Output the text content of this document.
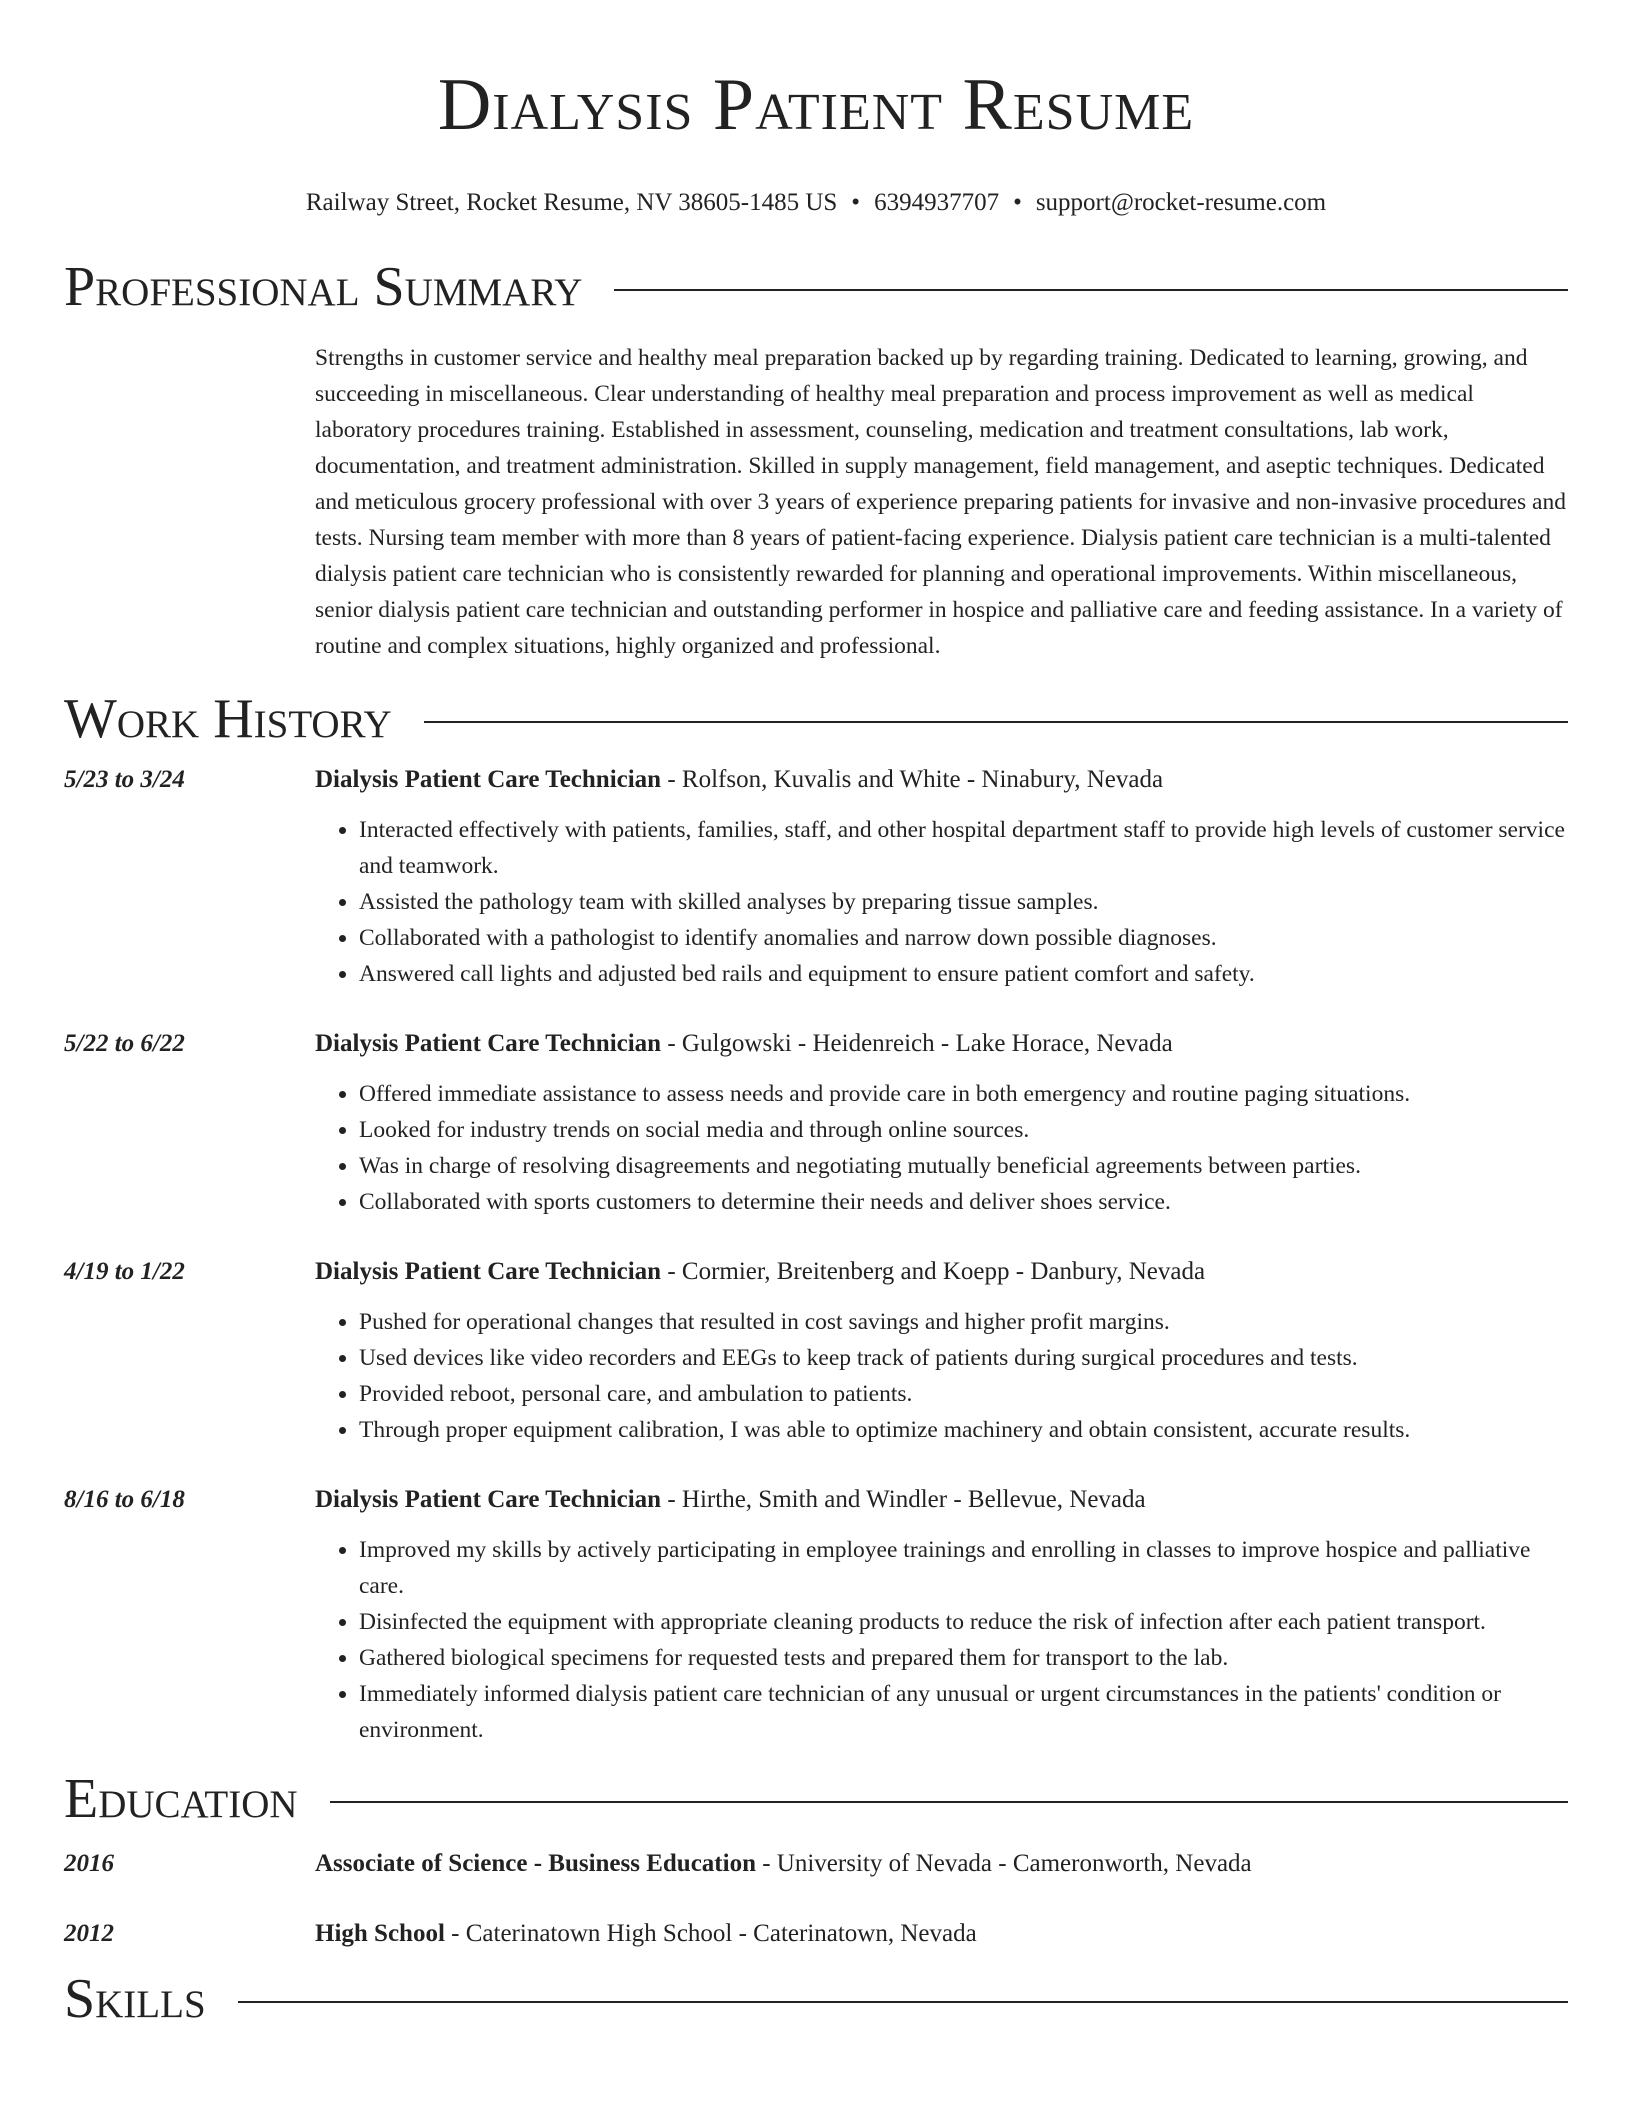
Dialysis Patient Resume
Railway Street, Rocket Resume, NV 38605-1485 US • 6394937707 • support@rocket-resume.com
Professional Summary
Strengths in customer service and healthy meal preparation backed up by regarding training. Dedicated to learning, growing, and succeeding in miscellaneous. Clear understanding of healthy meal preparation and process improvement as well as medical laboratory procedures training. Established in assessment, counseling, medication and treatment consultations, lab work, documentation, and treatment administration. Skilled in supply management, field management, and aseptic techniques. Dedicated and meticulous grocery professional with over 3 years of experience preparing patients for invasive and non-invasive procedures and tests. Nursing team member with more than 8 years of patient-facing experience. Dialysis patient care technician is a multi-talented dialysis patient care technician who is consistently rewarded for planning and operational improvements. Within miscellaneous, senior dialysis patient care technician and outstanding performer in hospice and palliative care and feeding assistance. In a variety of routine and complex situations, highly organized and professional.
Work History
5/23 to 3/24	Dialysis Patient Care Technician - Rolfson, Kuvalis and White - Ninabury, Nevada
• Interacted effectively with patients, families, staff, and other hospital department staff to provide high levels of customer service and teamwork.
• Assisted the pathology team with skilled analyses by preparing tissue samples.
• Collaborated with a pathologist to identify anomalies and narrow down possible diagnoses.
• Answered call lights and adjusted bed rails and equipment to ensure patient comfort and safety.
5/22 to 6/22	Dialysis Patient Care Technician - Gulgowski - Heidenreich - Lake Horace, Nevada
• Offered immediate assistance to assess needs and provide care in both emergency and routine paging situations.
• Looked for industry trends on social media and through online sources.
• Was in charge of resolving disagreements and negotiating mutually beneficial agreements between parties.
• Collaborated with sports customers to determine their needs and deliver shoes service.
4/19 to 1/22	Dialysis Patient Care Technician - Cormier, Breitenberg and Koepp - Danbury, Nevada
• Pushed for operational changes that resulted in cost savings and higher profit margins.
• Used devices like video recorders and EEGs to keep track of patients during surgical procedures and tests.
• Provided reboot, personal care, and ambulation to patients.
• Through proper equipment calibration, I was able to optimize machinery and obtain consistent, accurate results.
8/16 to 6/18	Dialysis Patient Care Technician - Hirthe, Smith and Windler - Bellevue, Nevada
• Improved my skills by actively participating in employee trainings and enrolling in classes to improve hospice and palliative care.
• Disinfected the equipment with appropriate cleaning products to reduce the risk of infection after each patient transport.
• Gathered biological specimens for requested tests and prepared them for transport to the lab.
• Immediately informed dialysis patient care technician of any unusual or urgent circumstances in the patients' condition or environment.
Education
2016	Associate of Science - Business Education - University of Nevada - Cameronworth, Nevada
2012	High School - Caterinatown High School - Caterinatown, Nevada
Skills
